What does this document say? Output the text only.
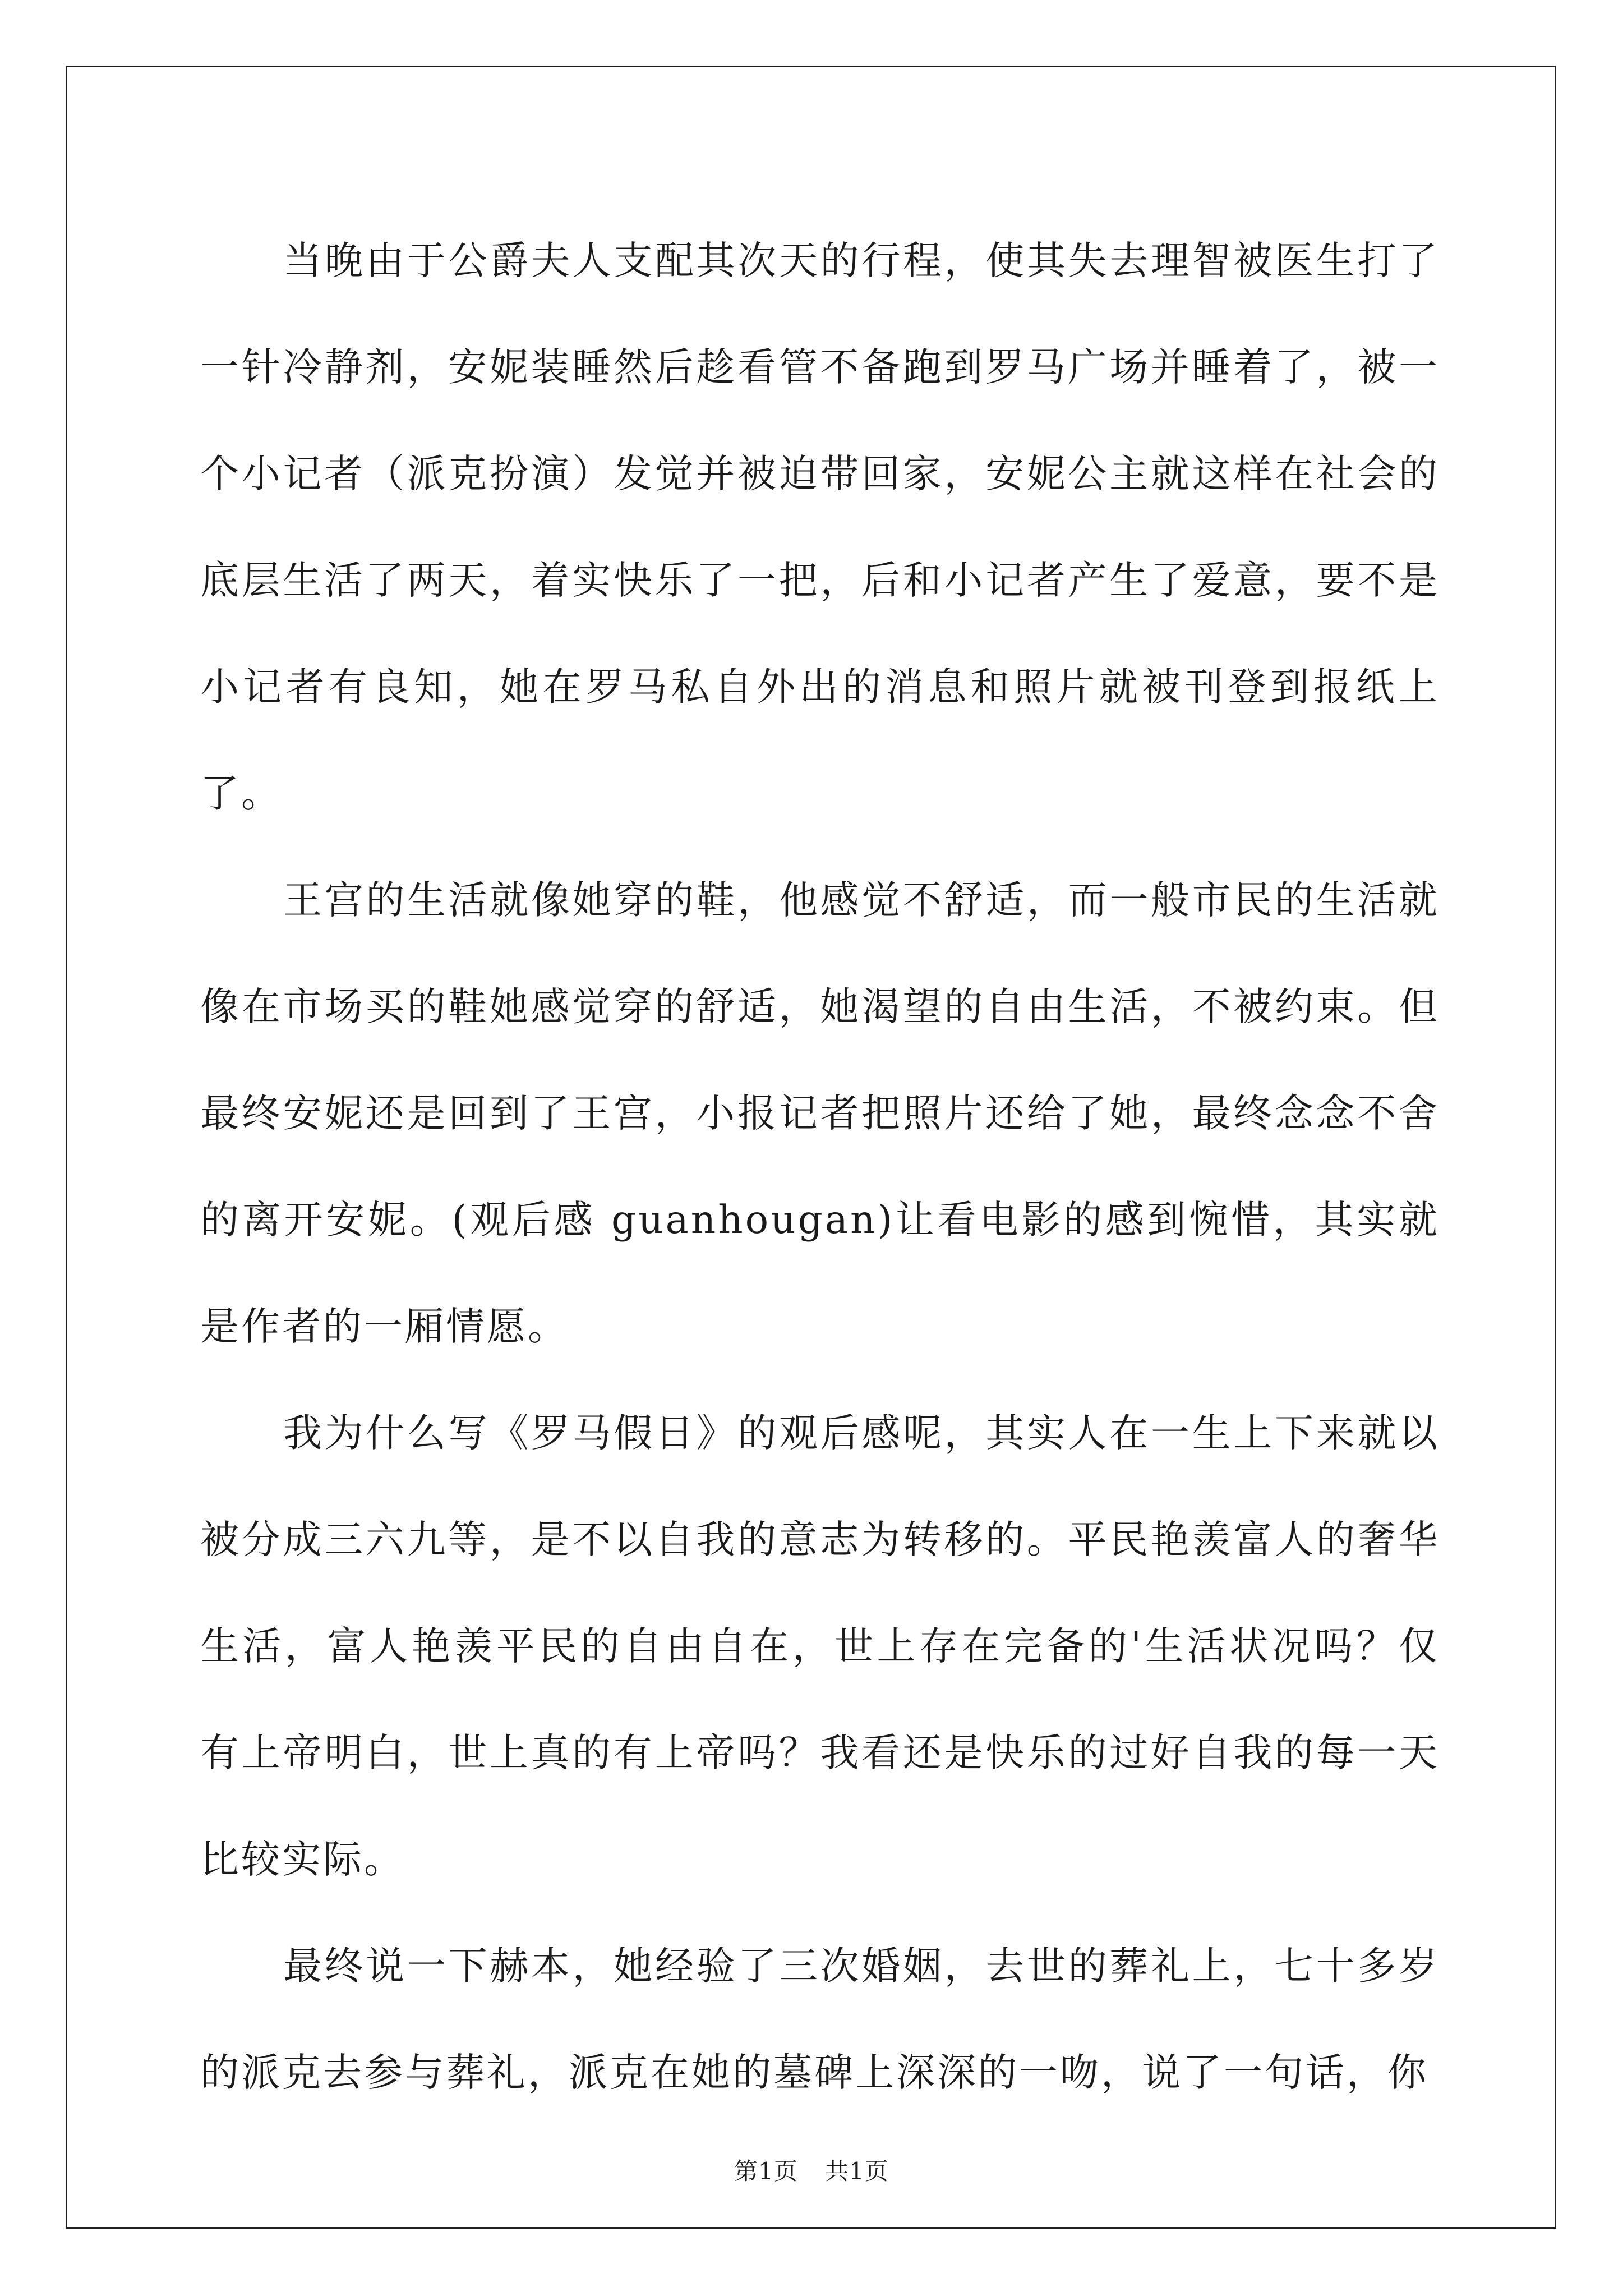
当晚由于公爵夫人支配其次天的行程，使其失去理智被医生打了一针冷静剂，安妮装睡然后趁看管不备跑到罗马广场并睡着了，被一个小记者（派克扮演）发觉并被迫带回家，安妮公主就这样在社会的底层生活了两天，着实快乐了一把，后和小记者产生了爱意，要不是小记者有良知，她在罗马私自外出的消息和照片就被刊登到报纸上了。

王宫的生活就像她穿的鞋，他感觉不舒适，而一般市民的生活就像在市场买的鞋她感觉穿的舒适，她渴望的自由生活，不被约束。但最终安妮还是回到了王宫，小报记者把照片还给了她，最终念念不舍的离开安妮。(观后感 guanhougan)让看电影的感到惋惜，其实就是作者的一厢情愿。

我为什么写《罗马假日》的观后感呢，其实人在一生上下来就以被分成三六九等，是不以自我的意志为转移的。平民艳羡富人的奢华生活，富人艳羡平民的自由自在，世上存在完备的'生活状况吗？仅有上帝明白，世上真的有上帝吗？我看还是快乐的过好自我的每一天比较实际。

最终说一下赫本，她经验了三次婚姻，去世的葬礼上，七十多岁的派克去参与葬礼，派克在她的墓碑上深深的一吻，说了一句话，你

第1页 共1页
